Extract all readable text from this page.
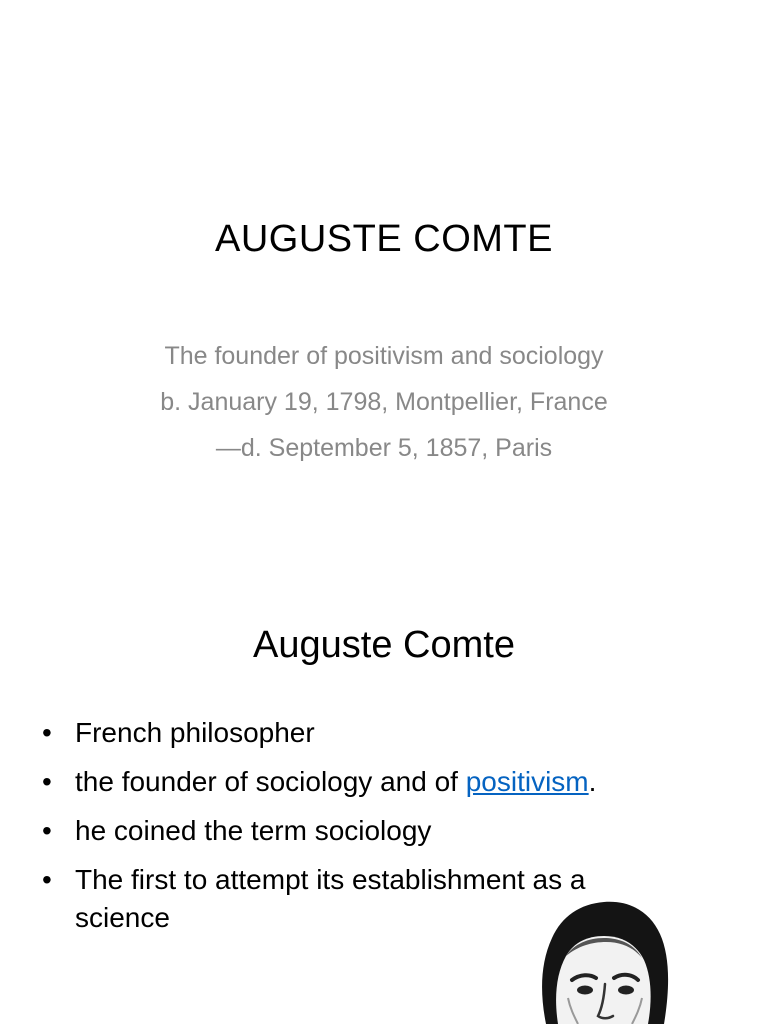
AUGUSTE COMTE
The founder of positivism and sociology
b. January 19, 1798, Montpellier, France
—d. September 5, 1857, Paris
Auguste Comte
• French philosopher
• the founder of sociology and of positivism.
• he coined the term sociology
• The first to attempt its establishment as a science
